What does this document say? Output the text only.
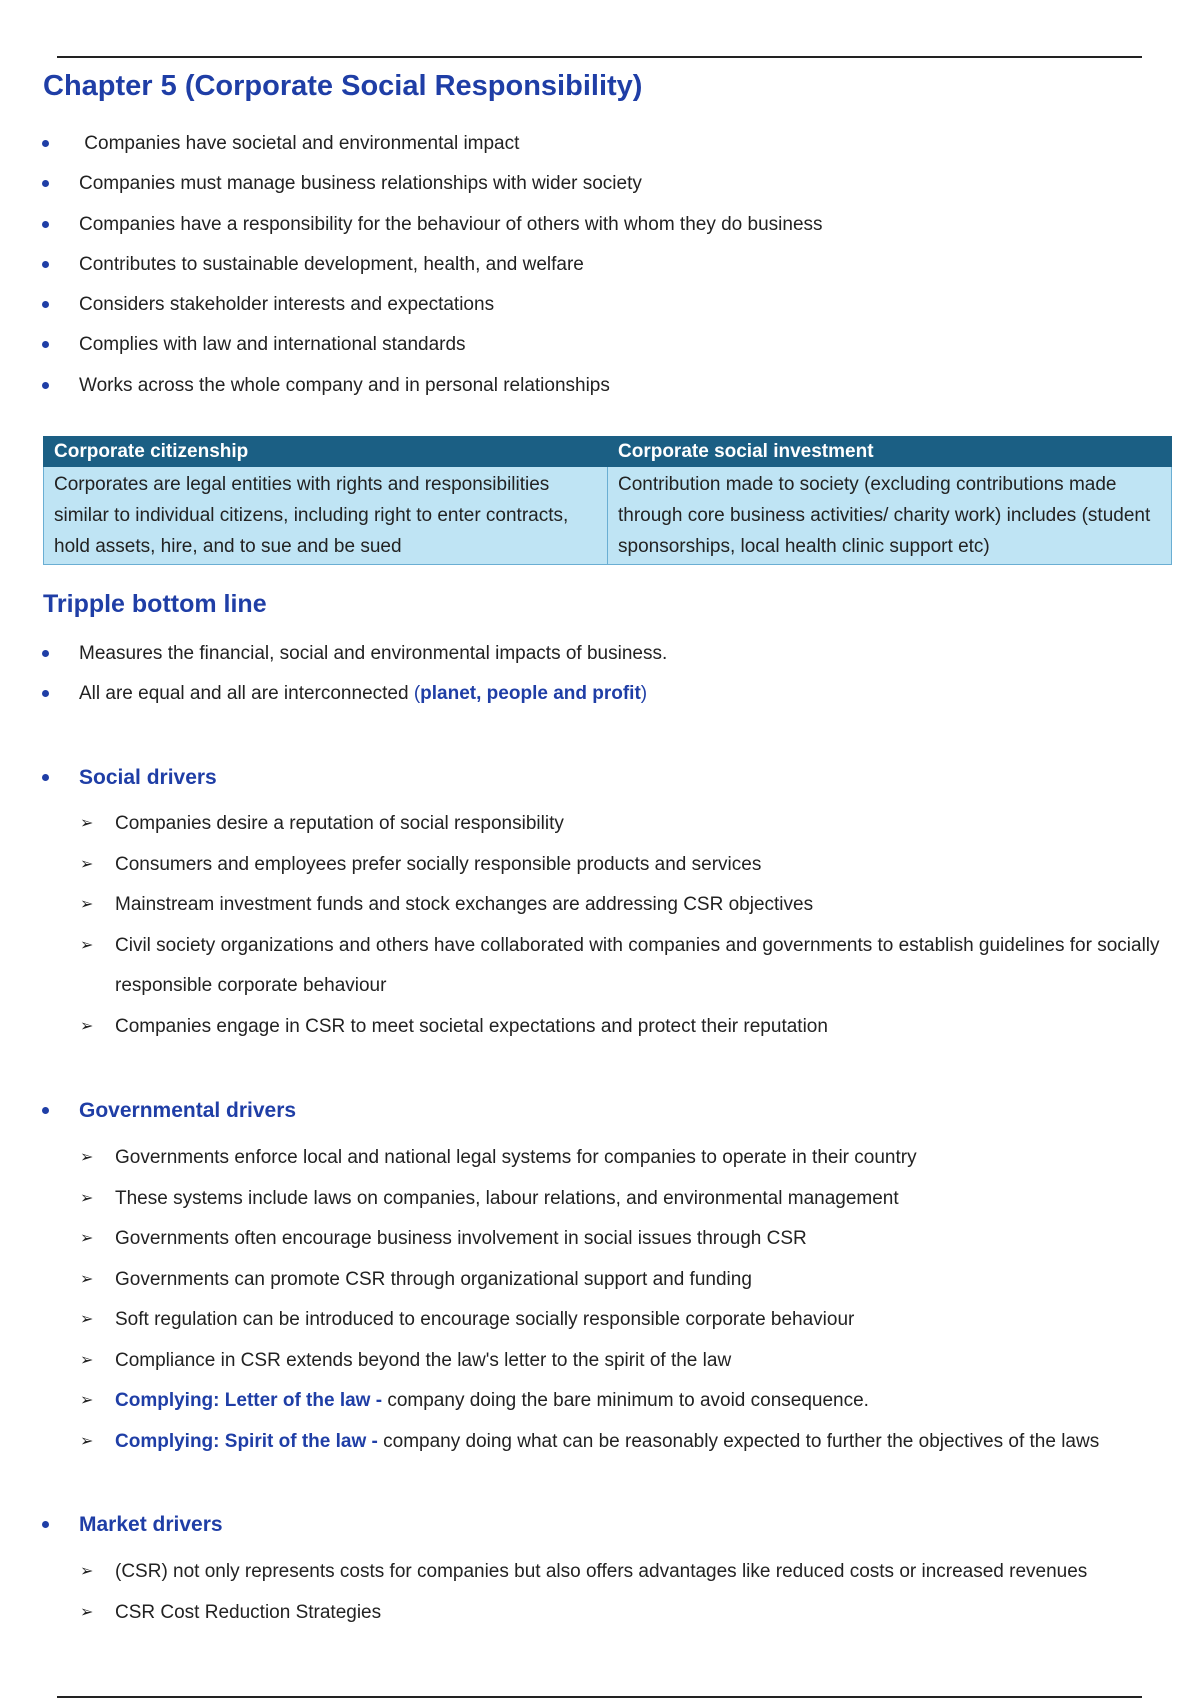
Chapter 5 (Corporate Social Responsibility)
Companies have societal and environmental impact
Companies must manage business relationships with wider society
Companies have a responsibility for the behaviour of others with whom they do business
Contributes to sustainable development, health, and welfare
Considers stakeholder interests and expectations
Complies with law and international standards
Works across the whole company and in personal relationships
Corporate citizenship	Corporate social investment
Corporates are legal entities with rights and responsibilities similar to individual citizens, including right to enter contracts, hold assets, hire, and to sue and be sued	Contribution made to society (excluding contributions made through core business activities/ charity work) includes (student sponsorships, local health clinic support etc)
Tripple bottom line
Measures the financial, social and environmental impacts of business.
All are equal and all are interconnected (planet, people and profit)
Social drivers
➢ Companies desire a reputation of social responsibility
➢ Consumers and employees prefer socially responsible products and services
➢ Mainstream investment funds and stock exchanges are addressing CSR objectives
➢ Civil society organizations and others have collaborated with companies and governments to establish guidelines for socially responsible corporate behaviour
➢ Companies engage in CSR to meet societal expectations and protect their reputation
Governmental drivers
➢ Governments enforce local and national legal systems for companies to operate in their country
➢ These systems include laws on companies, labour relations, and environmental management
➢ Governments often encourage business involvement in social issues through CSR
➢ Governments can promote CSR through organizational support and funding
➢ Soft regulation can be introduced to encourage socially responsible corporate behaviour
➢ Compliance in CSR extends beyond the law's letter to the spirit of the law
➢ Complying: Letter of the law - company doing the bare minimum to avoid consequence.
➢ Complying: Spirit of the law - company doing what can be reasonably expected to further the objectives of the laws
Market drivers
➢ (CSR) not only represents costs for companies but also offers advantages like reduced costs or increased revenues
➢ CSR Cost Reduction Strategies
